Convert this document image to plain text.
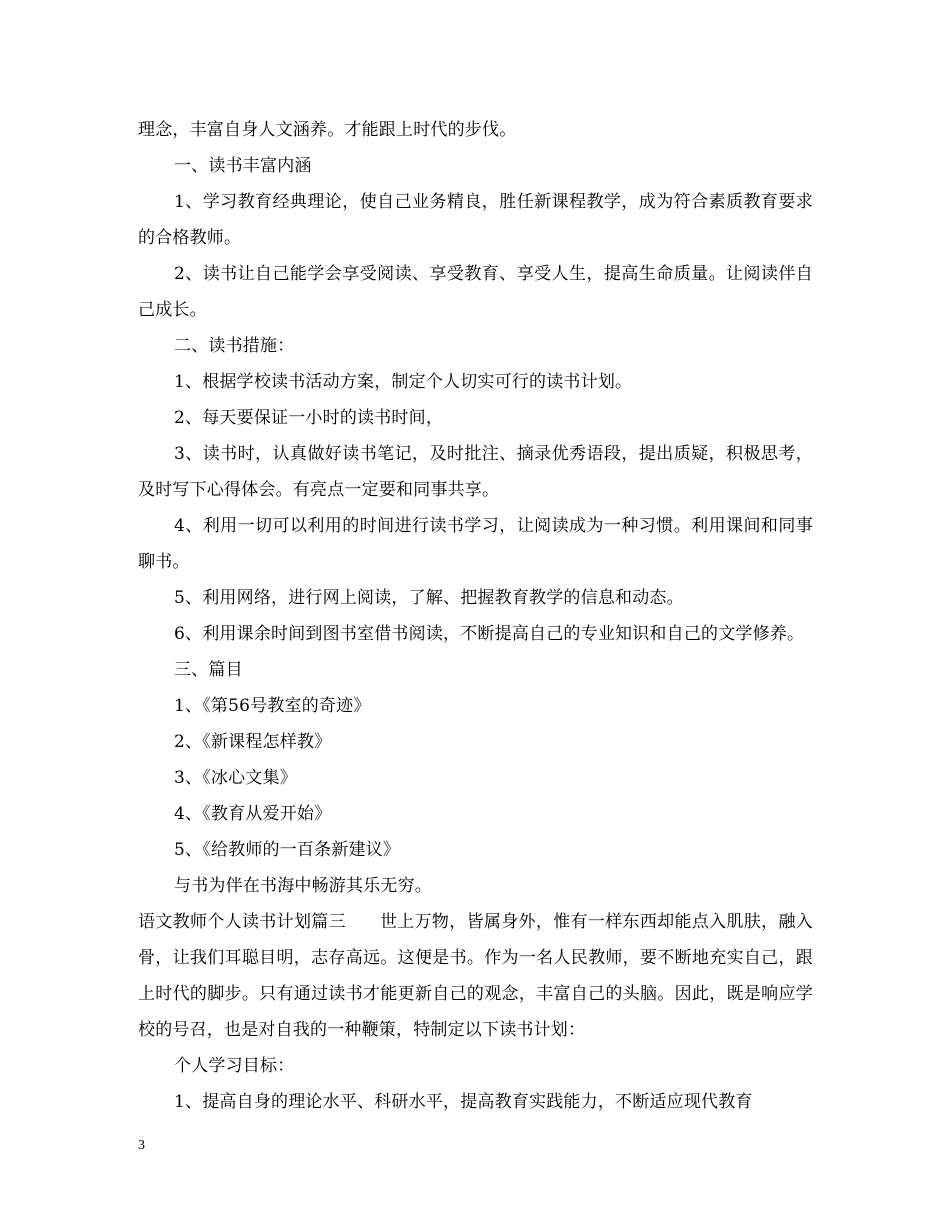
理念，丰富自身人文涵养。才能跟上时代的步伐。

一、读书丰富内涵

1、学习教育经典理论，使自己业务精良，胜任新课程教学，成为符合素质教育要求的合格教师。

2、读书让自己能学会享受阅读、享受教育、享受人生，提高生命质量。让阅读伴自己成长。

二、读书措施：

1、根据学校读书活动方案，制定个人切实可行的读书计划。

2、每天要保证一小时的读书时间，

3、读书时，认真做好读书笔记，及时批注、摘录优秀语段，提出质疑，积极思考，及时写下心得体会。有亮点一定要和同事共享。

4、利用一切可以利用的时间进行读书学习，让阅读成为一种习惯。利用课间和同事聊书。

5、利用网络，进行网上阅读，了解、把握教育教学的信息和动态。

6、利用课余时间到图书室借书阅读，不断提高自己的专业知识和自己的文学修养。

三、篇目

1、《第56号教室的奇迹》

2、《新课程怎样教》

3、《冰心文集》

4、《教育从爱开始》

5、《给教师的一百条新建议》

与书为伴在书海中畅游其乐无穷。

语文教师个人读书计划篇三 世上万物，皆属身外，惟有一样东西却能点入肌肤，融入骨，让我们耳聪目明，志存高远。这便是书。作为一名人民教师，要不断地充实自己，跟上时代的脚步。只有通过读书才能更新自己的观念，丰富自己的头脑。因此，既是响应学校的号召，也是对自我的一种鞭策，特制定以下读书计划：

个人学习目标：

1、提高自身的理论水平、科研水平，提高教育实践能力，不断适应现代教育

3
